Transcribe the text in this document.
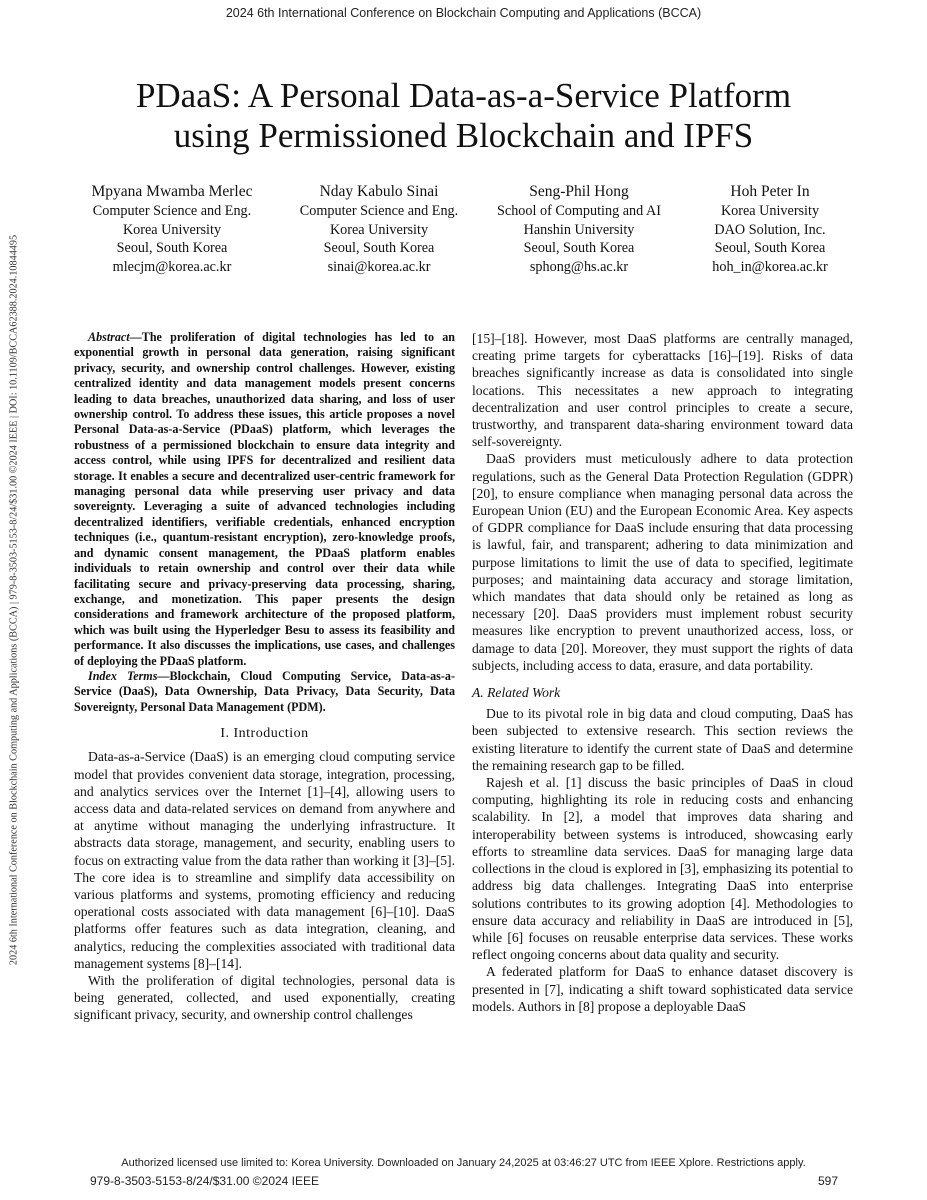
2024 6th International Conference on Blockchain Computing and Applications (BCCA)
2024 6th International Conference on Blockchain Computing and Applications (BCCA) | 979-8-3503-5153-8/24/$31.00 ©2024 IEEE | DOI: 10.1109/BCCA62388.2024.10844495
PDaaS: A Personal Data-as-a-Service Platform
using Permissioned Blockchain and IPFS
Mpyana Mwamba Merlec
Computer Science and Eng.
Korea University
Seoul, South Korea
mlecjm@korea.ac.kr
Nday Kabulo Sinai
Computer Science and Eng.
Korea University
Seoul, South Korea
sinai@korea.ac.kr
Seng-Phil Hong
School of Computing and AI
Hanshin University
Seoul, South Korea
sphong@hs.ac.kr
Hoh Peter In
Korea University
DAO Solution, Inc.
Seoul, South Korea
hoh_in@korea.ac.kr

Abstract—The proliferation of digital technologies has led to an exponential growth in personal data generation, raising significant privacy, security, and ownership control challenges. However, existing centralized identity and data management models present concerns leading to data breaches, unauthorized data sharing, and loss of user ownership control. To address these issues, this article proposes a novel Personal Data-as-a-Service (PDaaS) platform, which leverages the robustness of a permissioned blockchain to ensure data integrity and access control, while using IPFS for decentralized and resilient data storage. It enables a secure and decentralized user-centric framework for managing personal data while preserving user privacy and data sovereignty. Leveraging a suite of advanced technologies including decentralized identifiers, verifiable credentials, enhanced encryption techniques (i.e., quantum-resistant encryption), zero-knowledge proofs, and dynamic consent management, the PDaaS platform enables individuals to retain ownership and control over their data while facilitating secure and privacy-preserving data processing, sharing, exchange, and monetization. This paper presents the design considerations and framework architecture of the proposed platform, which was built using the Hyperledger Besu to assess its feasibility and performance. It also discusses the implications, use cases, and challenges of deploying the PDaaS platform.

Index Terms—Blockchain, Cloud Computing Service, Data-as-a-Service (DaaS), Data Ownership, Data Privacy, Data Security, Data Sovereignty, Personal Data Management (PDM).

I. Introduction

Data-as-a-Service (DaaS) is an emerging cloud computing service model that provides convenient data storage, integration, processing, and analytics services over the Internet [1]–[4], allowing users to access data and data-related services on demand from anywhere and at anytime without managing the underlying infrastructure. It abstracts data storage, management, and security, enabling users to focus on extracting value from the data rather than working it [3]–[5]. The core idea is to streamline and simplify data accessibility on various platforms and systems, promoting efficiency and reducing operational costs associated with data management [6]–[10]. DaaS platforms offer features such as data integration, cleaning, and analytics, reducing the complexities associated with traditional data management systems [8]–[14].

With the proliferation of digital technologies, personal data is being generated, collected, and used exponentially, creating significant privacy, security, and ownership control challenges

[15]–[18]. However, most DaaS platforms are centrally managed, creating prime targets for cyberattacks [16]–[19]. Risks of data breaches significantly increase as data is consolidated into single locations. This necessitates a new approach to integrating decentralization and user control principles to create a secure, trustworthy, and transparent data-sharing environment toward data self-sovereignty.

DaaS providers must meticulously adhere to data protection regulations, such as the General Data Protection Regulation (GDPR) [20], to ensure compliance when managing personal data across the European Union (EU) and the European Economic Area. Key aspects of GDPR compliance for DaaS include ensuring that data processing is lawful, fair, and transparent; adhering to data minimization and purpose limitations to limit the use of data to specified, legitimate purposes; and maintaining data accuracy and storage limitation, which mandates that data should only be retained as long as necessary [20]. DaaS providers must implement robust security measures like encryption to prevent unauthorized access, loss, or damage to data [20]. Moreover, they must support the rights of data subjects, including access to data, erasure, and data portability.

A. Related Work

Due to its pivotal role in big data and cloud computing, DaaS has been subjected to extensive research. This section reviews the existing literature to identify the current state of DaaS and determine the remaining research gap to be filled.

Rajesh et al. [1] discuss the basic principles of DaaS in cloud computing, highlighting its role in reducing costs and enhancing scalability. In [2], a model that improves data sharing and interoperability between systems is introduced, showcasing early efforts to streamline data services. DaaS for managing large data collections in the cloud is explored in [3], emphasizing its potential to address big data challenges. Integrating DaaS into enterprise solutions contributes to its growing adoption [4]. Methodologies to ensure data accuracy and reliability in DaaS are introduced in [5], while [6] focuses on reusable enterprise data services. These works reflect ongoing concerns about data quality and security.

A federated platform for DaaS to enhance dataset discovery is presented in [7], indicating a shift toward sophisticated data service models. Authors in [8] propose a deployable DaaS

Authorized licensed use limited to: Korea University. Downloaded on January 24,2025 at 03:46:27 UTC from IEEE Xplore. Restrictions apply.
979-8-3503-5153-8/24/$31.00 ©2024 IEEE	597
